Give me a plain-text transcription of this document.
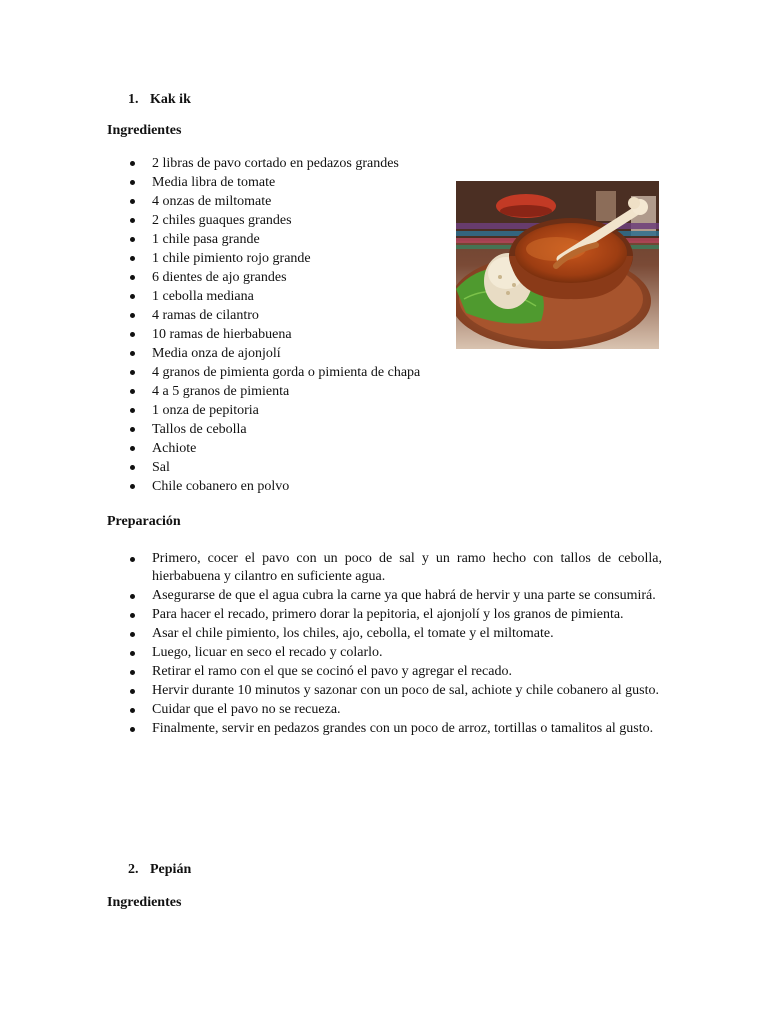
1. Kak ik
Ingredientes
2 libras de pavo cortado en pedazos grandes
Media libra de tomate
4 onzas de miltomate
2 chiles guaques grandes
1 chile pasa grande
1 chile pimiento rojo grande
6 dientes de ajo grandes
1 cebolla mediana
4 ramas de cilantro
10 ramas de hierbabuena
Media onza de ajonjolí
4 granos de pimienta gorda o pimienta de chapa
4 a 5 granos de pimienta
1 onza de pepitoria
Tallos de cebolla
Achiote
Sal
Chile cobanero en polvo
Preparación
Primero, cocer el pavo con un poco de sal y un ramo hecho con tallos de cebolla, hierbabuena y cilantro en suficiente agua.
Asegurarse de que el agua cubra la carne ya que habrá de hervir y una parte se consumirá.
Para hacer el recado, primero dorar la pepitoria, el ajonjolí y los granos de pimienta.
Asar el chile pimiento, los chiles, ajo, cebolla, el tomate y el miltomate.
Luego, licuar en seco el recado y colarlo.
Retirar el ramo con el que se cocinó el pavo y agregar el recado.
Hervir durante 10 minutos y sazonar con un poco de sal, achiote y chile cobanero al gusto.
Cuidar que el pavo no se recueza.
Finalmente, servir en pedazos grandes con un poco de arroz, tortillas o tamalitos al gusto.
2. Pepián
Ingredientes
